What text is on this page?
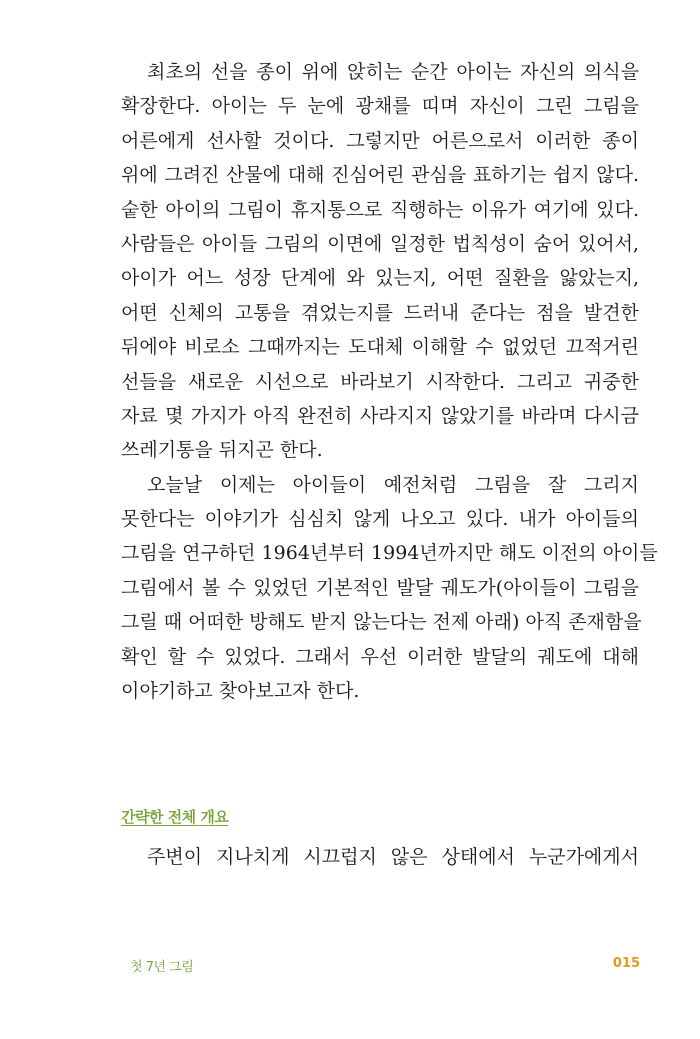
최초의 선을 종이 위에 앉히는 순간 아이는 자신의 의식을
확장한다. 아이는 두 눈에 광채를 띠며 자신이 그린 그림을
어른에게 선사할 것이다. 그렇지만 어른으로서 이러한 종이
위에 그려진 산물에 대해 진심어린 관심을 표하기는 쉽지 않다.
숱한 아이의 그림이 휴지통으로 직행하는 이유가 여기에 있다.
사람들은 아이들 그림의 이면에 일정한 법칙성이 숨어 있어서,
아이가 어느 성장 단계에 와 있는지, 어떤 질환을 앓았는지,
어떤 신체의 고통을 겪었는지를 드러내 준다는 점을 발견한
뒤에야 비로소 그때까지는 도대체 이해할 수 없었던 끄적거린
선들을 새로운 시선으로 바라보기 시작한다. 그리고 귀중한
자료 몇 가지가 아직 완전히 사라지지 않았기를 바라며 다시금
쓰레기통을 뒤지곤 한다.
오늘날 이제는 아이들이 예전처럼 그림을 잘 그리지
못한다는 이야기가 심심치 않게 나오고 있다. 내가 아이들의
그림을 연구하던 1964년부터 1994년까지만 해도 이전의 아이들
그림에서 볼 수 있었던 기본적인 발달 궤도가(아이들이 그림을
그릴 때 어떠한 방해도 받지 않는다는 전제 아래) 아직 존재함을
확인 할 수 있었다. 그래서 우선 이러한 발달의 궤도에 대해
이야기하고 찾아보고자 한다.
간략한 전체 개요
주변이 지나치게 시끄럽지 않은 상태에서 누군가에게서
첫 7년 그림	015
